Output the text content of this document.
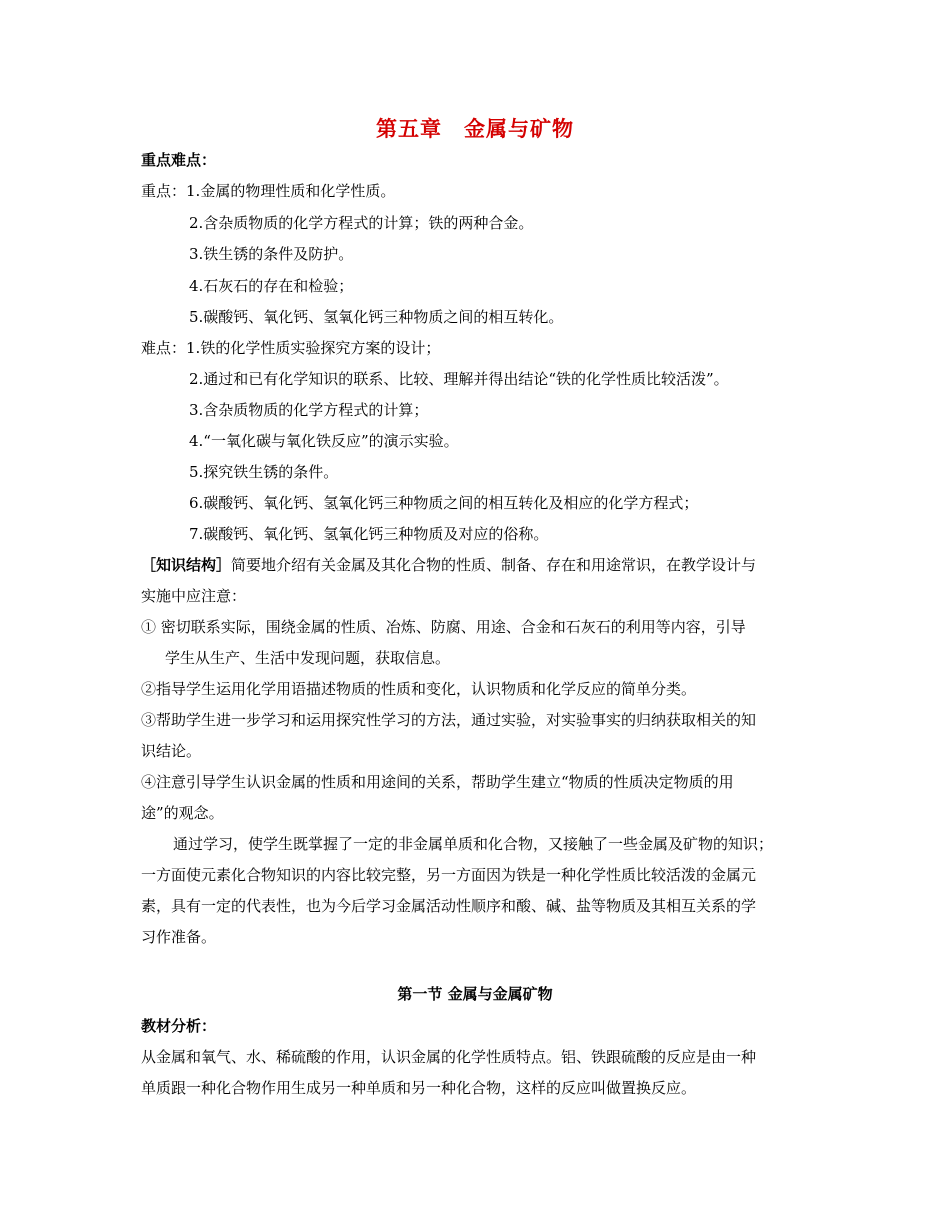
第五章　金属与矿物
重点难点：
重点：1.金属的物理性质和化学性质。
2.含杂质物质的化学方程式的计算；铁的两种合金。
3.铁生锈的条件及防护。
4.石灰石的存在和检验；
5.碳酸钙、氧化钙、氢氧化钙三种物质之间的相互转化。
难点：1.铁的化学性质实验探究方案的设计；
2.通过和已有化学知识的联系、比较、理解并得出结论“铁的化学性质比较活泼”。
3.含杂质物质的化学方程式的计算；
4.“一氧化碳与氧化铁反应”的演示实验。
5.探究铁生锈的条件。
6.碳酸钙、氧化钙、氢氧化钙三种物质之间的相互转化及相应的化学方程式；
7.碳酸钙、氧化钙、氢氧化钙三种物质及对应的俗称。
［知识结构］简要地介绍有关金属及其化合物的性质、制备、存在和用途常识，在教学设计与
实施中应注意：
① 密切联系实际，围绕金属的性质、冶炼、防腐、用途、合金和石灰石的利用等内容，引导
学生从生产、生活中发现问题，获取信息。
②指导学生运用化学用语描述物质的性质和变化，认识物质和化学反应的简单分类。
③帮助学生进一步学习和运用探究性学习的方法，通过实验，对实验事实的归纳获取相关的知
识结论。
④注意引导学生认识金属的性质和用途间的关系，帮助学生建立“物质的性质决定物质的用
途”的观念。
通过学习，使学生既掌握了一定的非金属单质和化合物，又接触了一些金属及矿物的知识；
一方面使元素化合物知识的内容比较完整，另一方面因为铁是一种化学性质比较活泼的金属元
素，具有一定的代表性，也为今后学习金属活动性顺序和酸、碱、盐等物质及其相互关系的学
习作准备。
第一节 金属与金属矿物
教材分析：
从金属和氧气、水、稀硫酸的作用，认识金属的化学性质特点。铝、铁跟硫酸的反应是由一种
单质跟一种化合物作用生成另一种单质和另一种化合物，这样的反应叫做置换反应。
